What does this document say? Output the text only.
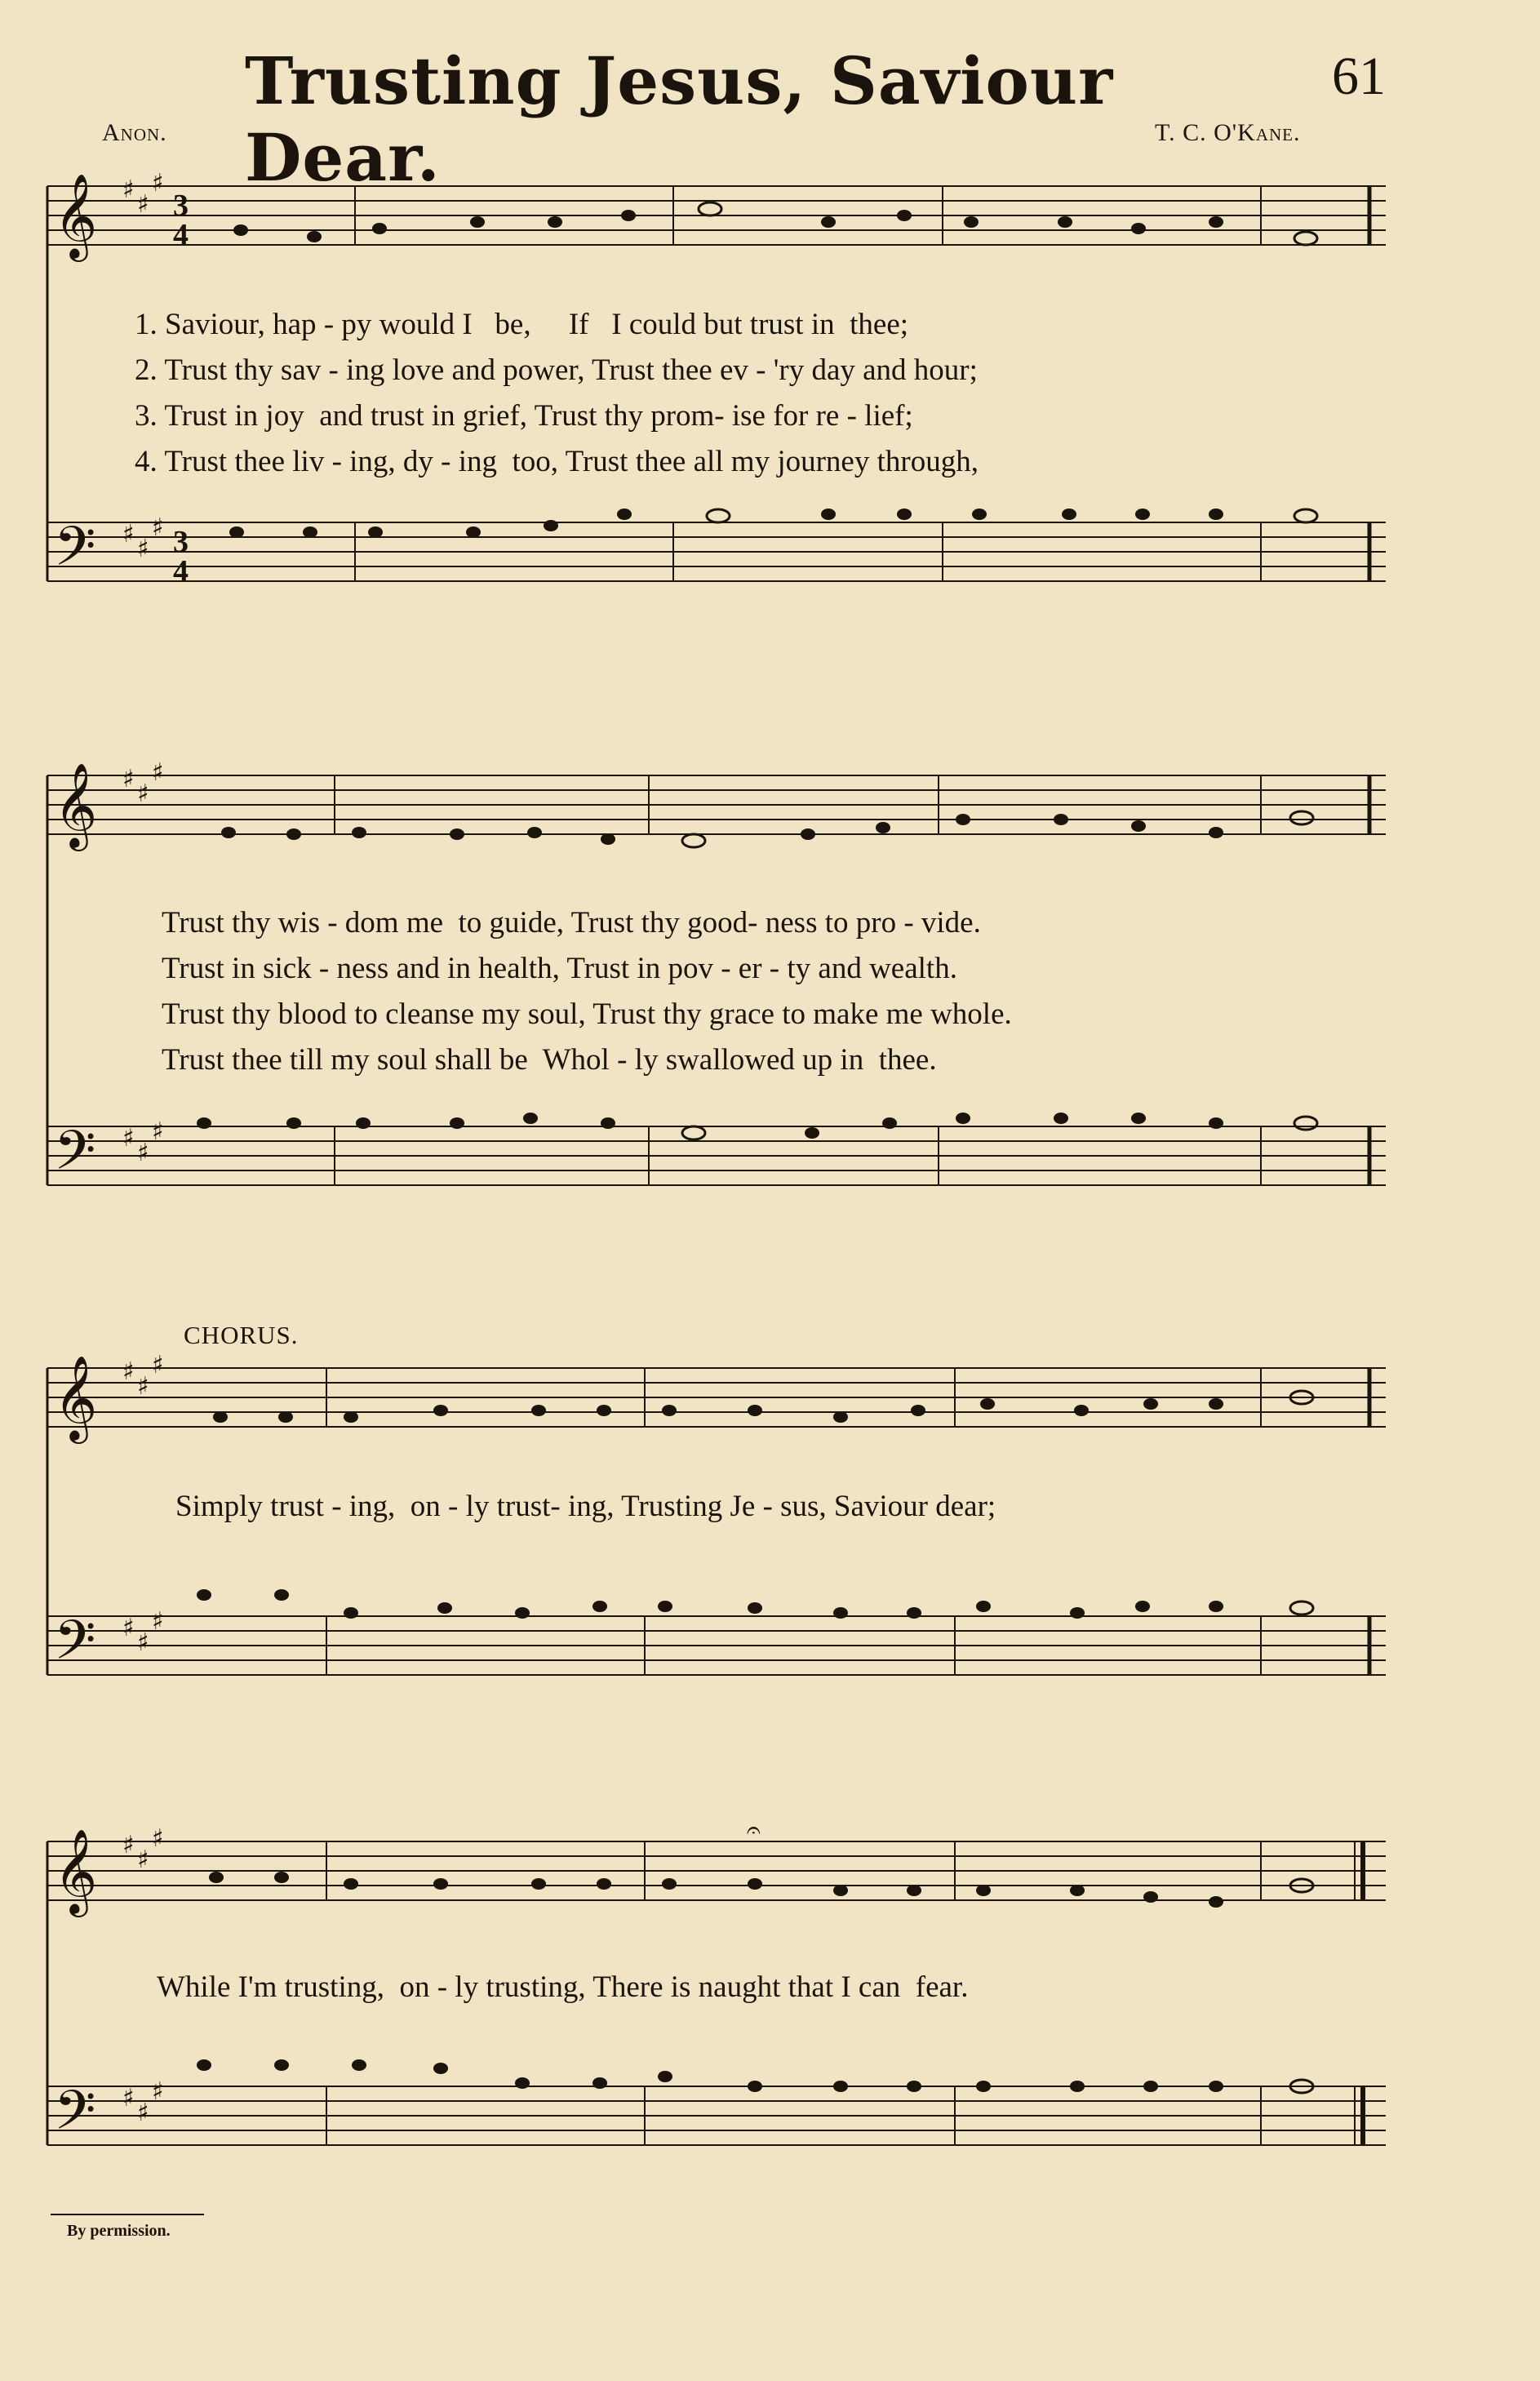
Trusting Jesus, Saviour Dear.
61
Anon.	T. C. O'Kane.
𝄞
𝄢
♯
♯
♯
♯
♯
♯
3
4
3
4
1. Saviour, hap - py would I   be,     If   I could but trust in  thee;
2. Trust thy sav - ing love and power, Trust thee ev - 'ry day and hour;
3. Trust in joy  and trust in grief, Trust thy prom- ise for re - lief;
4. Trust thee liv - ing, dy - ing  too, Trust thee all my journey through,
𝄞
𝄢
♯
♯
♯
♯
♯
♯
Trust thy wis - dom me  to guide, Trust thy good- ness to pro - vide.
Trust in sick - ness and in health, Trust in pov - er - ty and wealth.
Trust thy blood to cleanse my soul, Trust thy grace to make me whole.
Trust thee till my soul shall be  Whol - ly swallowed up in  thee.
CHORUS.
𝄞
𝄢
♯
♯
♯
♯
♯
♯
Simply trust - ing,  on - ly trust- ing, Trusting Je - sus, Saviour dear;
𝄞
𝄢
♯
♯
♯
♯
♯
♯
𝄐
While I'm trusting,  on - ly trusting, There is naught that I can  fear.
By permission.
